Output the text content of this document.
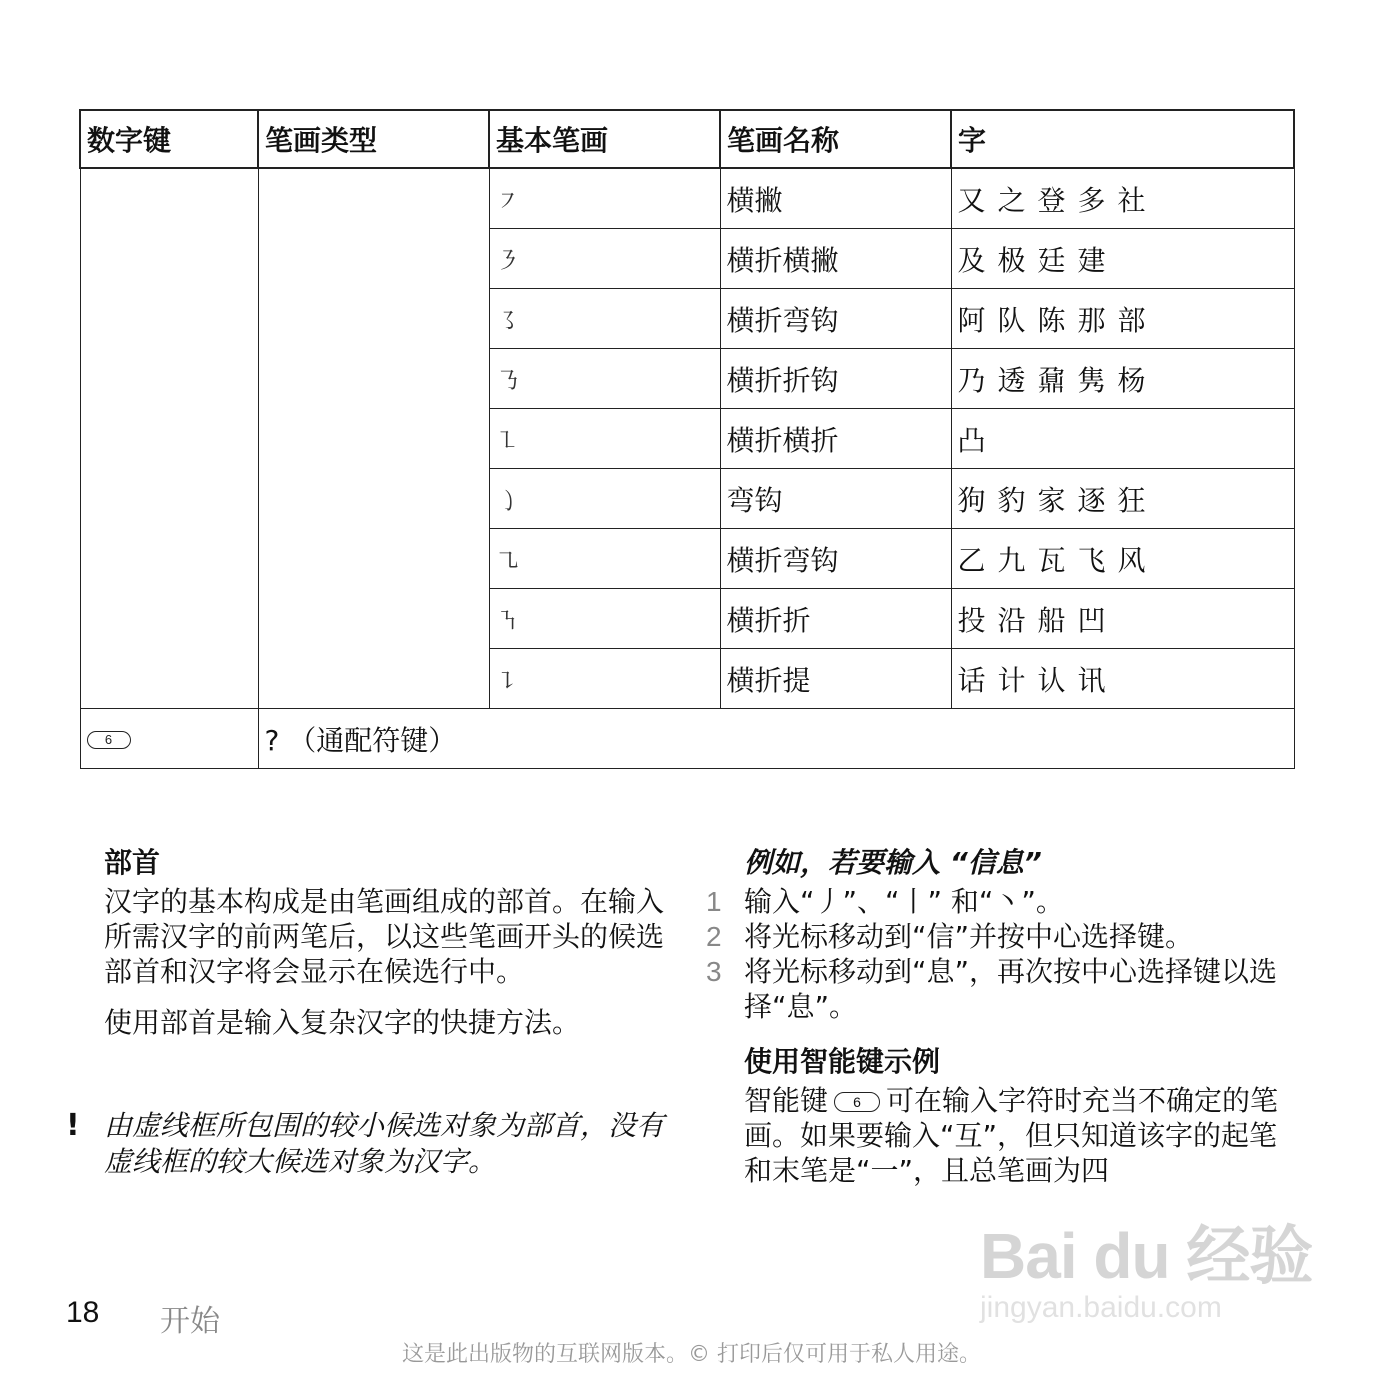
数字键	笔画类型	基本笔画	笔画名称	字
		㇇	横撇	又之登多社
		㇋	横折横撇	及极廷建
		㇌	横折弯钩	阿队陈那部
		㇡	横折折钩	乃透鼐隽杨
		㇅	横折横折	凸
		㇁	弯钩	狗豹家逐狂
		㇈	横折弯钩	乙九瓦飞风
		㇎	横折折	投沿船凹
		㇊	横折提	话计认讯
6	? （通配符键）			
部首

汉字的基本构成是由笔画组成的部首。在输入所需汉字的前两笔后，以这些笔画开头的候选部首和汉字将会显示在候选行中。

使用部首是输入复杂汉字的快捷方法。

! 由虚线框所包围的较小候选对象为部首，没有虚线框的较大候选对象为汉字。
例如，若要输入 “信息”
1 输入“丿”、“丨” 和“丶”。
2 将光标移动到“信”并按中心选择键。
3 将光标移动到“息”，再次按中心选择键以选择“息”。
使用智能键示例

智能键 6 可在输入字符时充当不确定的笔画。如果要输入“互”，但只知道该字的起笔和末笔是“一”，且总笔画为四

Bai du 经验
jingyan.baidu.com
18 开始
这是此出版物的互联网版本。© 打印后仅可用于私人用途。
